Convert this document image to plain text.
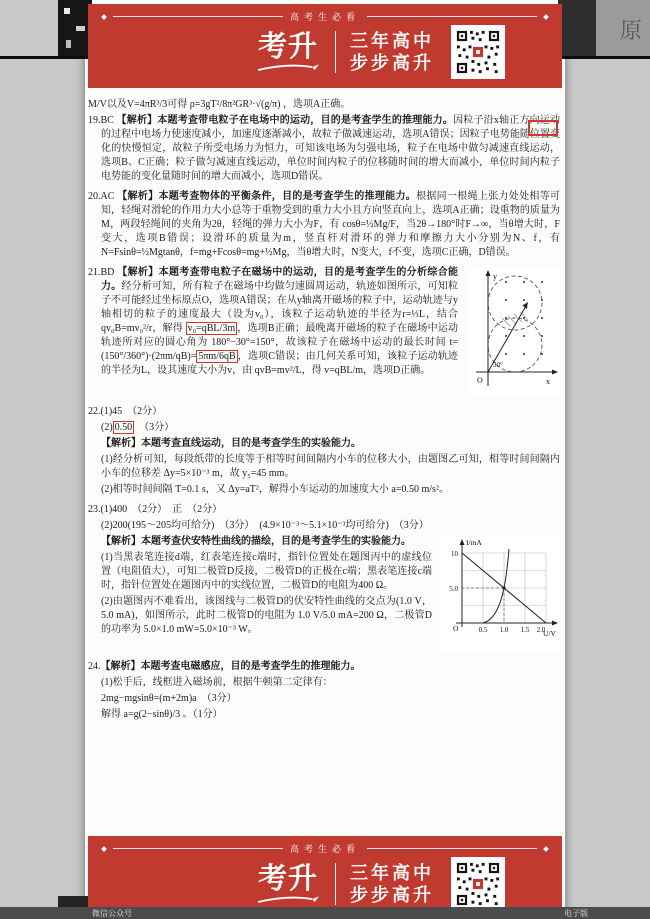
原
高考生必看
考升 三年高中
步步高升

M/V以及V=4πR³/3可得 ρ=3gT²/8π²GR³·√(g/π) ，选项A正确。

19.BC 【解析】本题考查带电粒子在电场中的运动，目的是考查学生的推理能力。因粒子沿x轴正方向运动的过程中电场力使速度减小，加速度逐渐减小，故粒子做减速运动，选项A错误；因粒子电势能随位置变化的快慢恒定，故粒子所受电场力为恒力，可知该电场为匀强电场，粒子在电场中做匀减速直线运动，选项B、C正确；粒子做匀减速直线运动，单位时间内粒子的位移随时间的增大而减小，单位时间内粒子电势能的变化量随时间的增大而减小，选项D错误。

20.AC 【解析】本题考查物体的平衡条件，目的是考查学生的推理能力。根据同一根绳上张力处处相等可知，轻绳对滑轮的作用力大小总等于重物受到的重力大小且方向竖直向上，选项A正确；设重物的质量为M，两段轻绳间的夹角为2θ，轻绳的弹力大小为F，有 cosθ=½Mg/F，当2θ→180°时F→∞，当θ增大时，F变大，选项B错误；设滑环的质量为m，竖直杆对滑环的弹力和摩擦力大小分别为N、f，有 N=Fsinθ=½Mgtanθ，f=mg+Fcosθ=mg+½Mg，当θ增大时，N变大，f不变，选项C正确，D错误。

y
x
O
30°

21.BD 【解析】本题考查带电粒子在磁场中的运动，目的是考查学生的分析综合能力。经分析可知，所有粒子在磁场中均做匀速圆周运动，轨迹如图所示，可知粒子不可能经过坐标原点O，选项A错误；在从y轴离开磁场的粒子中，运动轨迹与y轴相切的粒子的速度最大（设为v₀），该粒子运动轨迹的半径为r=⅓L，结合 qv₀B=mv₀²/r，解得 v₀=qBL/3m ，选项B正确；最晚离开磁场的粒子在磁场中运动轨迹所对应的圆心角为 180°−30°=150°，故该粒子在磁场中运动的最长时间 t=(150°/360°)·(2πm/qB)= 5πm/6qB ，选项C错误；由几何关系可知，该粒子运动轨迹的半径为L，设其速度大小为v，由 qvB=mv²/L，得 v=qBL/m，选项D正确。

22.(1)45　（2分）

(2) 0.50　（3分）

【解析】本题考查直线运动，目的是考查学生的实验能力。

(1)经分析可知，每段纸带的长度等于相等时间间隔内小车的位移大小，由题图乙可知，相等时间间隔内小车的位移差 Δy=5×10⁻³ m，故 y₅=45 mm。

(2)相等时间间隔 T=0.1 s，又 Δy=aT²，解得小车运动的加速度大小 a=0.50 m/s²。

23.(1)400　（2分）　正　（2分）

(2)200(195～205均可给分)　（3分）　(4.9×10⁻³～5.1×10⁻³均可给分)　（3分）

I/mA
U/V
O
5.0
10
0.5 1.0 1.5 2.0

【解析】本题考查伏安特性曲线的描绘，目的是考查学生的实验能力。

(1)当黑表笔连接d端，红表笔连接c端时，指针位置处在题图丙中的虚线位置（电阻值大），可知二极管D反接，二极管D的正极在c端；黑表笔连接c端时，指针位置处在题图丙中的实线位置，二极管D的电阻为400 Ω。

(2)由题图丙不难看出，该图线与二极管D的伏安特性曲线的交点为(1.0 V，5.0 mA)，如图所示，此时二极管D的电阻为 1.0 V/5.0 mA=200 Ω，二极管D的功率为 5.0×1.0 mW=5.0×10⁻³ W。

24.【解析】本题考查电磁感应，目的是考查学生的推理能力。

(1)松手后，线框进入磁场前，根据牛顿第二定律有：

2mg−mgsinθ=(m+2m)a　（3分）

解得 a=g(2−sinθ)/3 。（1分）

高考生必看
考升 三年高中
步步高升
微信公众号	电子版
